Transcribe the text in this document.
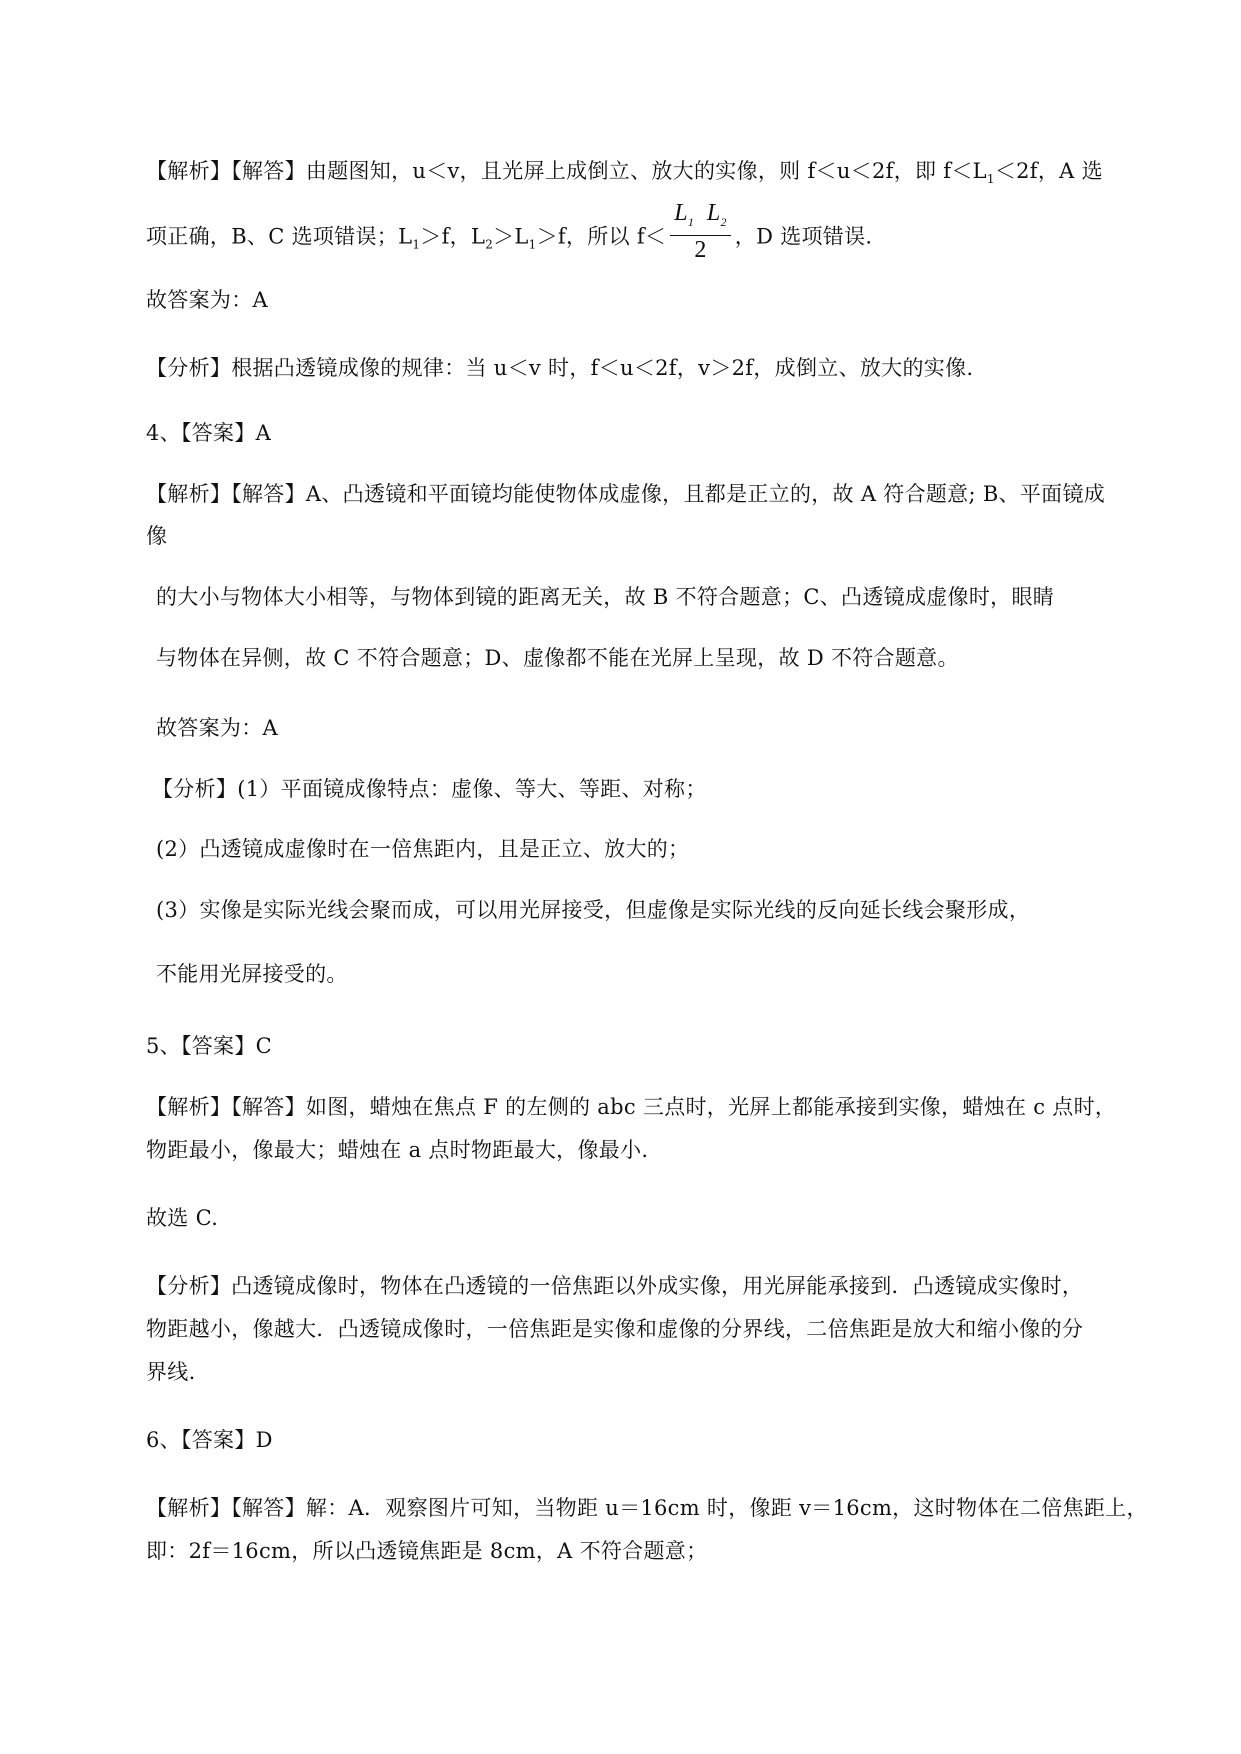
【解析】【解答】由题图知，u＜v，且光屏上成倒立、放大的实像，则 f＜u＜2f，即 $f<L_1<2f$，A 选
项正确，B、C 选项错误；$L_1>f$，$L_2>L_1>f$，所以 $f< \frac{L_1 L_2}{2}$ ，D 选项错误.
故答案为：A
【分析】根据凸透镜成像的规律：当 u＜v 时，f＜u＜2f，v＞2f，成倒立、放大的实像.
4、【答案】A
【解析】【解答】A、凸透镜和平面镜均能使物体成虚像，且都是正立的，故 A 符合题意; B、平面镜成
像
的大小与物体大小相等，与物体到镜的距离无关，故 B 不符合题意；C、凸透镜成虚像时，眼睛
与物体在异侧，故 C 不符合题意；D、虚像都不能在光屏上呈现，故 D 不符合题意。
故答案为：A
【分析】(1）平面镜成像特点：虚像、等大、等距、对称；
(2）凸透镜成虚像时在一倍焦距内，且是正立、放大的；
(3）实像是实际光线会聚而成，可以用光屏接受，但虚像是实际光线的反向延长线会聚形成，
不能用光屏接受的。
5、【答案】C
【解析】【解答】如图，蜡烛在焦点 F 的左侧的 abc 三点时，光屏上都能承接到实像，蜡烛在 c 点时，
物距最小，像最大；蜡烛在 a 点时物距最大，像最小.
故选 C.
【分析】凸透镜成像时，物体在凸透镜的一倍焦距以外成实像，用光屏能承接到．凸透镜成实像时，
物距越小，像越大．凸透镜成像时，一倍焦距是实像和虚像的分界线，二倍焦距是放大和缩小像的分
界线.
6、【答案】D
【解析】【解答】解：A．观察图片可知，当物距 u＝16cm 时，像距 v＝16cm，这时物体在二倍焦距上，
即：2f＝16cm，所以凸透镜焦距是 8cm，A 不符合题意；
